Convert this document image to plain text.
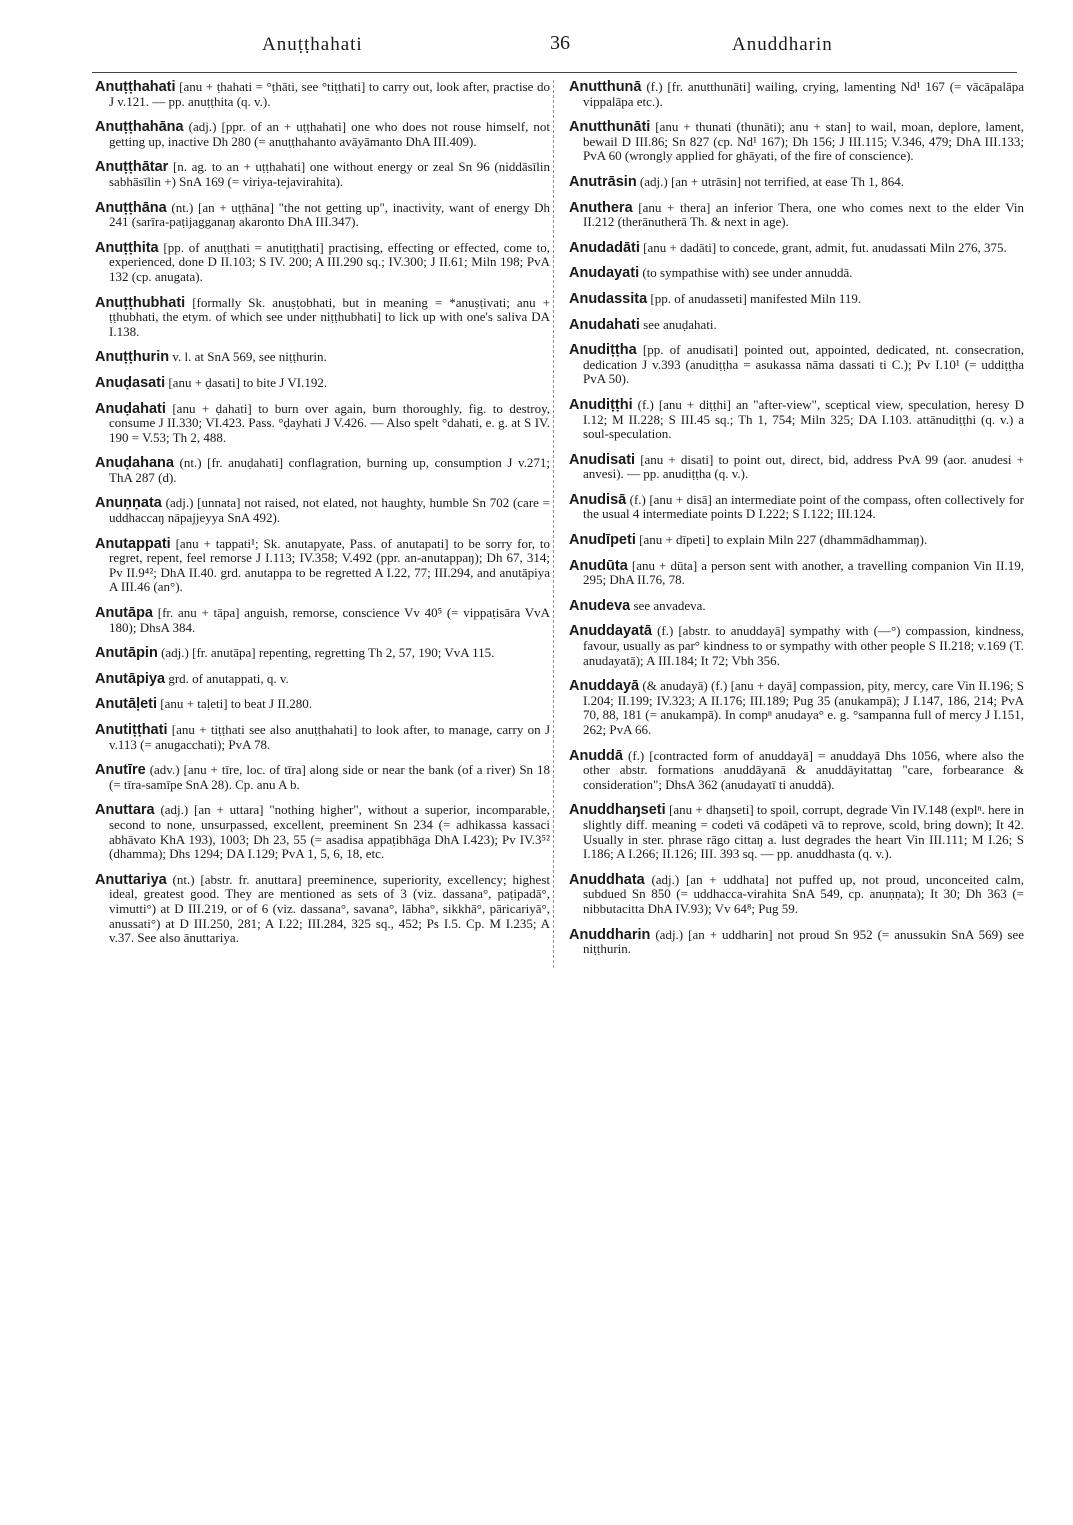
Anuṭṭhahati	36	Anuddharin

Anuṭṭhahati [anu + ṭhahati = °ṭhāti, see °tiṭṭhati] to carry out, look after, practise do J v.121. — pp. anuṭṭhita (q. v.).

Anuṭṭhahāna (adj.) [ppr. of an + uṭṭhahati] one who does not rouse himself, not getting up, inactive Dh 280 (= anuṭṭhahanto avāyāmanto DhA III.409).

Anuṭṭhātar [n. ag. to an + uṭṭhahati] one without energy or zeal Sn 96 (niddāsīlin sabhāsīlin +) SnA 169 (= viriya-tejavirahita).

Anuṭṭhāna (nt.) [an + uṭṭhāna] "the not getting up", inactivity, want of energy Dh 241 (sarīra-paṭijagganaŋ akaronto DhA III.347).

Anuṭṭhita [pp. of anuṭṭhati = anutiṭṭhati] practising, effecting or effected, come to, experienced, done D II.103; S IV. 200; A III.290 sq.; IV.300; J II.61; Miln 198; PvA 132 (cp. anugata).

Anuṭṭhubhati [formally Sk. anuṣṭobhati, but in meaning = *anuṣṭivati; anu + ṭṭhubhati, the etym. of which see under niṭṭhubhati] to lick up with one's saliva DA I.138.

Anuṭṭhurin v. l. at SnA 569, see niṭṭhurin.

Anuḍasati [anu + ḍasati] to bite J VI.192.

Anuḍahati [anu + ḍahati] to burn over again, burn thoroughly, fig. to destroy, consume J II.330; VI.423. Pass. °ḍayhati J V.426. — Also spelt °dahati, e. g. at S IV. 190 = V.53; Th 2, 488.

Anuḍahana (nt.) [fr. anuḍahati] conflagration, burning up, consumption J v.271; ThA 287 (d).

Anuṇṇata (adj.) [unnata] not raised, not elated, not haughty, humble Sn 702 (care = uddhaccaŋ nāpajjeyya SnA 492).

Anutappati [anu + tappati¹; Sk. anutapyate, Pass. of anutapati] to be sorry for, to regret, repent, feel remorse J I.113; IV.358; V.492 (ppr. an-anutappaŋ); Dh 67, 314; Pv II.9⁴²; DhA II.40. grd. anutappa to be regretted A I.22, 77; III.294, and anutāpiya A III.46 (an°).

Anutāpa [fr. anu + tāpa] anguish, remorse, conscience Vv 40⁵ (= vippaṭisāra VvA 180); DhsA 384.

Anutāpin (adj.) [fr. anutāpa] repenting, regretting Th 2, 57, 190; VvA 115.

Anutāpiya grd. of anutappati, q. v.

Anutāḷeti [anu + taḷeti] to beat J II.280.

Anutiṭṭhati [anu + tiṭṭhati see also anuṭṭhahati] to look after, to manage, carry on J v.113 (= anugacchati); PvA 78.

Anutīre (adv.) [anu + tīre, loc. of tīra] along side or near the bank (of a river) Sn 18 (= tīra-samīpe SnA 28). Cp. anu A b.

Anuttara (adj.) [an + uttara] "nothing higher", without a superior, incomparable, second to none, unsurpassed, excellent, preeminent Sn 234 (= adhikassa kassaci abhāvato KhA 193), 1003; Dh 23, 55 (= asadisa appaṭibhāga DhA I.423); Pv IV.3⁵² (dhamma); Dhs 1294; DA I.129; PvA 1, 5, 6, 18, etc.

Anuttariya (nt.) [abstr. fr. anuttara] preeminence, superiority, excellency; highest ideal, greatest good. They are mentioned as sets of 3 (viz. dassana°, paṭipadā°, vimutti°) at D III.219, or of 6 (viz. dassana°, savana°, lābha°, sikkhā°, pāricariyā°, anussati°) at D III.250, 281; A I.22; III.284, 325 sq., 452; Ps I.5. Cp. M I.235; A v.37. See also ānuttariya.

Anutthunā (f.) [fr. anutthunāti] wailing, crying, lamenting Nd¹ 167 (= vācāpalāpa vippalāpa etc.).

Anutthunāti [anu + thunati (thunāti); anu + stan] to wail, moan, deplore, lament, bewail D III.86; Sn 827 (cp. Nd¹ 167); Dh 156; J III.115; V.346, 479; DhA III.133; PvA 60 (wrongly applied for ghāyati, of the fire of conscience).

Anutrāsin (adj.) [an + utrāsin] not terrified, at ease Th 1, 864.

Anuthera [anu + thera] an inferior Thera, one who comes next to the elder Vin II.212 (therānutherā Th. & next in age).

Anudadāti [anu + dadāti] to concede, grant, admit, fut. anudassati Miln 276, 375.

Anudayati (to sympathise with) see under annuddā.

Anudassita [pp. of anudasseti] manifested Miln 119.

Anudahati see anuḍahati.

Anudiṭṭha [pp. of anudisati] pointed out, appointed, dedicated, nt. consecration, dedication J v.393 (anudiṭṭha = asukassa nāma dassati ti C.); Pv I.10¹ (= uddiṭṭha PvA 50).

Anudiṭṭhi (f.) [anu + diṭṭhi] an "after-view", sceptical view, speculation, heresy D I.12; M II.228; S III.45 sq.; Th 1, 754; Miln 325; DA I.103. attānudiṭṭhi (q. v.) a soul-speculation.

Anudisati [anu + disati] to point out, direct, bid, address PvA 99 (aor. anudesi + anvesi). — pp. anudiṭṭha (q. v.).

Anudisā (f.) [anu + disā] an intermediate point of the compass, often collectively for the usual 4 intermediate points D I.222; S I.122; III.124.

Anudīpeti [anu + dīpeti] to explain Miln 227 (dhammādhammaŋ).

Anudūta [anu + dūta] a person sent with another, a travelling companion Vin II.19, 295; DhA II.76, 78.

Anudeva see anvadeva.

Anuddayatā (f.) [abstr. to anuddayā] sympathy with (—°) compassion, kindness, favour, usually as par° kindness to or sympathy with other people S II.218; v.169 (T. anudayatā); A III.184; It 72; Vbh 356.

Anuddayā (& anudayā) (f.) [anu + dayā] compassion, pity, mercy, care Vin II.196; S I.204; II.199; IV.323; A II.176; III.189; Pug 35 (anukampā); J I.147, 186, 214; PvA 70, 88, 181 (= anukampā). In compⁿ anudaya° e. g. °sampanna full of mercy J I.151, 262; PvA 66.

Anuddā (f.) [contracted form of anuddayā] = anuddayā Dhs 1056, where also the other abstr. formations anuddāyanā & anuddāyitattaŋ "care, forbearance & consideration"; DhsA 362 (anudayatī ti anuddā).

Anuddhaŋseti [anu + dhaŋseti] to spoil, corrupt, degrade Vin IV.148 (explⁿ. here in slightly diff. meaning = codeti vā codāpeti vā to reprove, scold, bring down); It 42. Usually in ster. phrase rāgo cittaŋ a. lust degrades the heart Vin III.111; M I.26; S I.186; A I.266; II.126; III. 393 sq. — pp. anuddhasta (q. v.).

Anuddhata (adj.) [an + uddhata] not puffed up, not proud, unconceited calm, subdued Sn 850 (= uddhacca-virahita SnA 549, cp. anuṇṇata); It 30; Dh 363 (= nibbutacitta DhA IV.93); Vv 64⁸; Pug 59.

Anuddharin (adj.) [an + uddharin] not proud Sn 952 (= anussukin SnA 569) see niṭṭhurin.
